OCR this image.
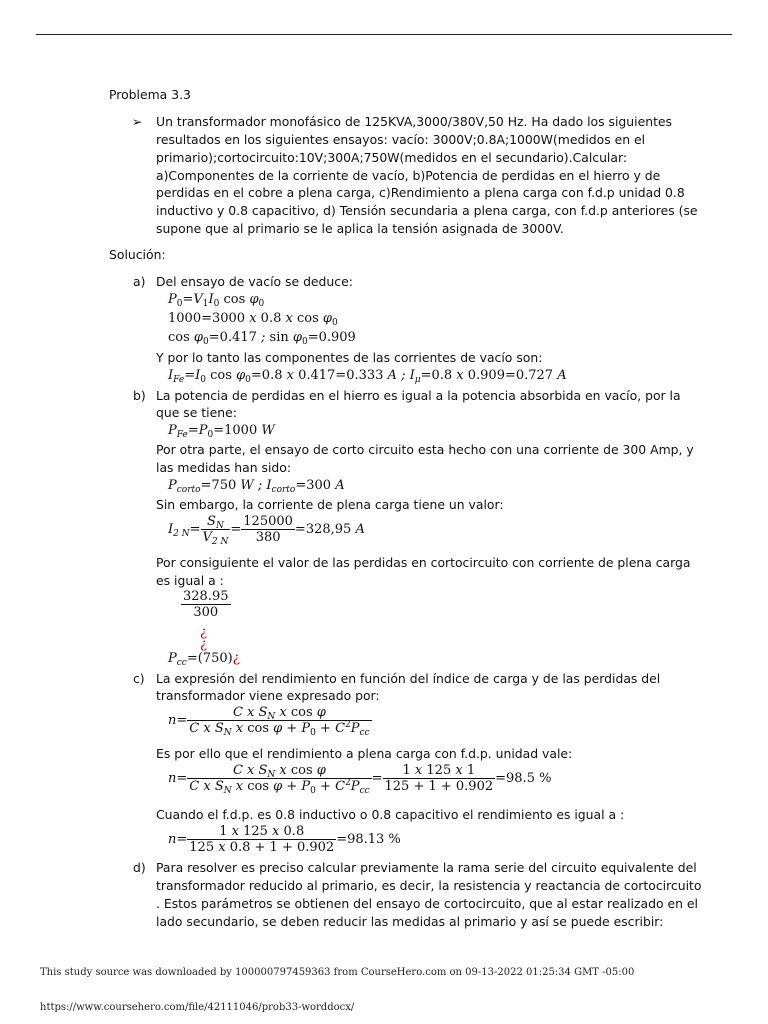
Problema 3.3
➢ Un transformador monofásico de 125KVA,3000/380V,50 Hz. Ha dado los siguientes
resultados en los siguientes ensayos: vacío: 3000V;0.8A;1000W(medidos en el
primario);cortocircuito:10V;300A;750W(medidos en el secundario).Calcular:
a)Componentes de la corriente de vacío, b)Potencia de perdidas en el hierro y de
perdidas en el cobre a plena carga, c)Rendimiento a plena carga con f.d.p unidad 0.8
inductivo y 0.8 capacitivo, d) Tensión secundaria a plena carga, con f.d.p anteriores (se
supone que al primario se le aplica la tensión asignada de 3000V.
Solución:
a) Del ensayo de vacío se deduce:
$P_0=V_1I_0$ $\cos \varphi_0$
1000=3000 x 0.8 x $\cos \varphi_0$
$\cos \varphi_0=0.417$ ; $\sin \varphi_0=0.909$
Y por lo tanto las componentes de las corrientes de vacío son:
$I_{Fe}=I_0$ $\cos \varphi_0=0.8$ x 0.417=0.333 A ; $I_\mu=0.8$ x 0.909=0.727 A
b) La potencia de perdidas en el hierro es igual a la potencia absorbida en vacío, por la
que se tiene:
$P_{Fe}=P_0=1000$ W
Por otra parte, el ensayo de corto circuito esta hecho con una corriente de 300 Amp, y
las medidas han sido:
$P_{corto}=750$ W ; $I_{corto}=300$ A
Sin embargo, la corriente de plena carga tiene un valor:
$I_{2 N}= \frac{S_N}{V_{2 N}} = \frac{125000}{380} =328,95$ A
Por consiguiente el valor de las perdidas en cortocircuito con corriente de plena carga
es igual a :
$\frac{328.95}{300}$
¿
¿
$P_{cc}=(750)¿$
c) La expresión del rendimiento en función del índice de carga y de las perdidas del
transformador viene expresado por:
$n= \frac{C x S_N x \cos \varphi}{C x S_N x \cos \varphi + P_0 + C^2P_{cc}}$
Es por ello que el rendimiento a plena carga con f.d.p. unidad vale:
$n= \frac{C x S_N x \cos \varphi}{C x S_N x \cos \varphi + P_0 + C^2P_{cc}} = \frac{1 x 125 x 1}{125 + 1 + 0.902} =98.5$ %
Cuando el f.d.p. es 0.8 inductivo o 0.8 capacitivo el rendimiento es igual a :
$n= \frac{1 x 125 x 0.8}{125 x 0.8 + 1 + 0.902} =98.13$ %
d) Para resolver es preciso calcular previamente la rama serie del circuito equivalente del
transformador reducido al primario, es decir, la resistencia y reactancia de cortocircuito
. Estos parámetros se obtienen del ensayo de cortocircuito, que al estar realizado en el
lado secundario, se deben reducir las medidas al primario y así se puede escribir:
This study source was downloaded by 100000797459363 from CourseHero.com on 09-13-2022 01:25:34 GMT -05:00
https://www.coursehero.com/file/42111046/prob33-worddocx/
